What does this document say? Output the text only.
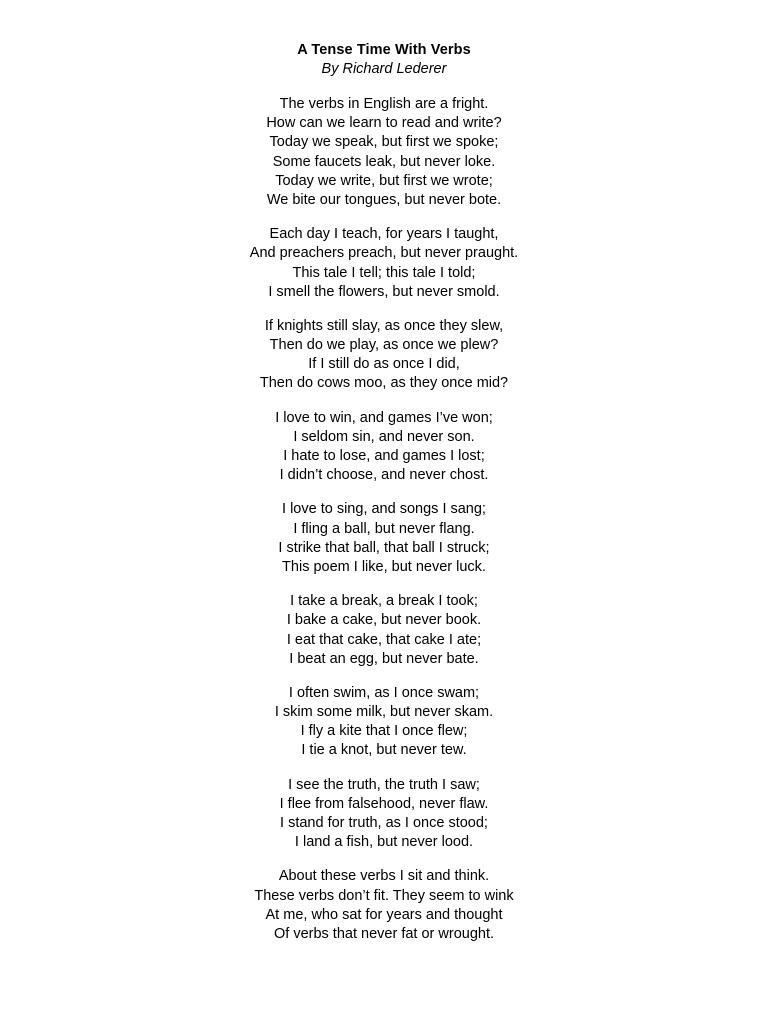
A Tense Time With Verbs
By Richard Lederer
The verbs in English are a fright.
How can we learn to read and write?
Today we speak, but first we spoke;
Some faucets leak, but never loke.
Today we write, but first we wrote;
We bite our tongues, but never bote.
Each day I teach, for years I taught,
And preachers preach, but never praught.
This tale I tell; this tale I told;
I smell the flowers, but never smold.
If knights still slay, as once they slew,
Then do we play, as once we plew?
If I still do as once I did,
Then do cows moo, as they once mid?
I love to win, and games I’ve won;
I seldom sin, and never son.
I hate to lose, and games I lost;
I didn’t choose, and never chost.
I love to sing, and songs I sang;
I fling a ball, but never flang.
I strike that ball, that ball I struck;
This poem I like, but never luck.
I take a break, a break I took;
I bake a cake, but never book.
I eat that cake, that cake I ate;
I beat an egg, but never bate.
I often swim, as I once swam;
I skim some milk, but never skam.
I fly a kite that I once flew;
I tie a knot, but never tew.
I see the truth, the truth I saw;
I flee from falsehood, never flaw.
I stand for truth, as I once stood;
I land a fish, but never lood.
About these verbs I sit and think.
These verbs don’t fit. They seem to wink
At me, who sat for years and thought
Of verbs that never fat or wrought.
